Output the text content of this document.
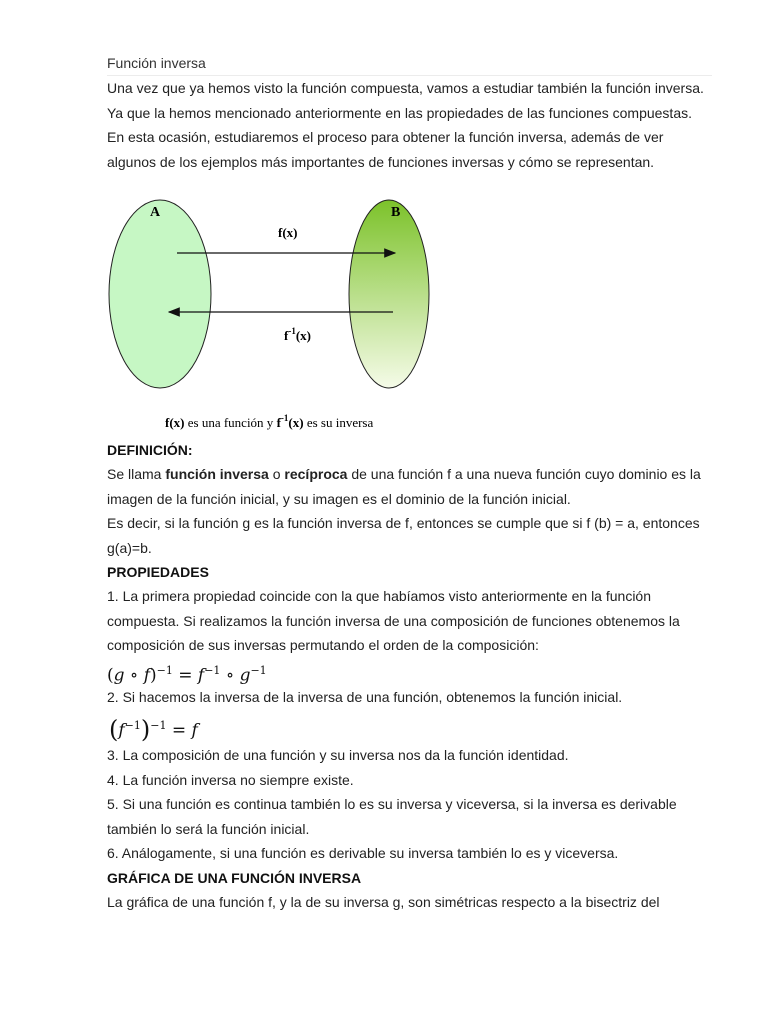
Función inversa

Una vez que ya hemos visto la función compuesta, vamos a estudiar también la función inversa. Ya que la hemos mencionado anteriormente en las propiedades de las funciones compuestas.

En esta ocasión, estudiaremos el proceso para obtener la función inversa, además de ver algunos de los ejemplos más importantes de funciones inversas y cómo se representan.

A	B
f(x)
$f^{-1}(x)$
f(x) es una función y $f^{-1}(x)$ es su inversa
DEFINICIÓN:

Se llama función inversa o recíproca de una función f a una nueva función cuyo dominio es la imagen de la función inicial, y su imagen es el dominio de la función inicial.

Es decir, si la función g es la función inversa de f, entonces se cumple que si f (b) = a, entonces g(a)=b.

PROPIEDADES

1. La primera propiedad coincide con la que habíamos visto anteriormente en la función compuesta. Si realizamos la función inversa de una composición de funciones obtenemos la composición de sus inversas permutando el orden de la composición:

(g ∘ $f)^{-1} = f^{-1}$ ∘ $g^{-1}$

2. Si hacemos la inversa de la inversa de una función, obtenemos la función inicial.

$(f^{-1})^{-1} = f$

3. La composición de una función y su inversa nos da la función identidad.

4. La función inversa no siempre existe.

5. Si una función es continua también lo es su inversa y viceversa, si la inversa es derivable también lo será la función inicial.

6. Análogamente, si una función es derivable su inversa también lo es y viceversa.

GRÁFICA DE UNA FUNCIÓN INVERSA

La gráfica de una función f, y la de su inversa g, son simétricas respecto a la bisectriz del
